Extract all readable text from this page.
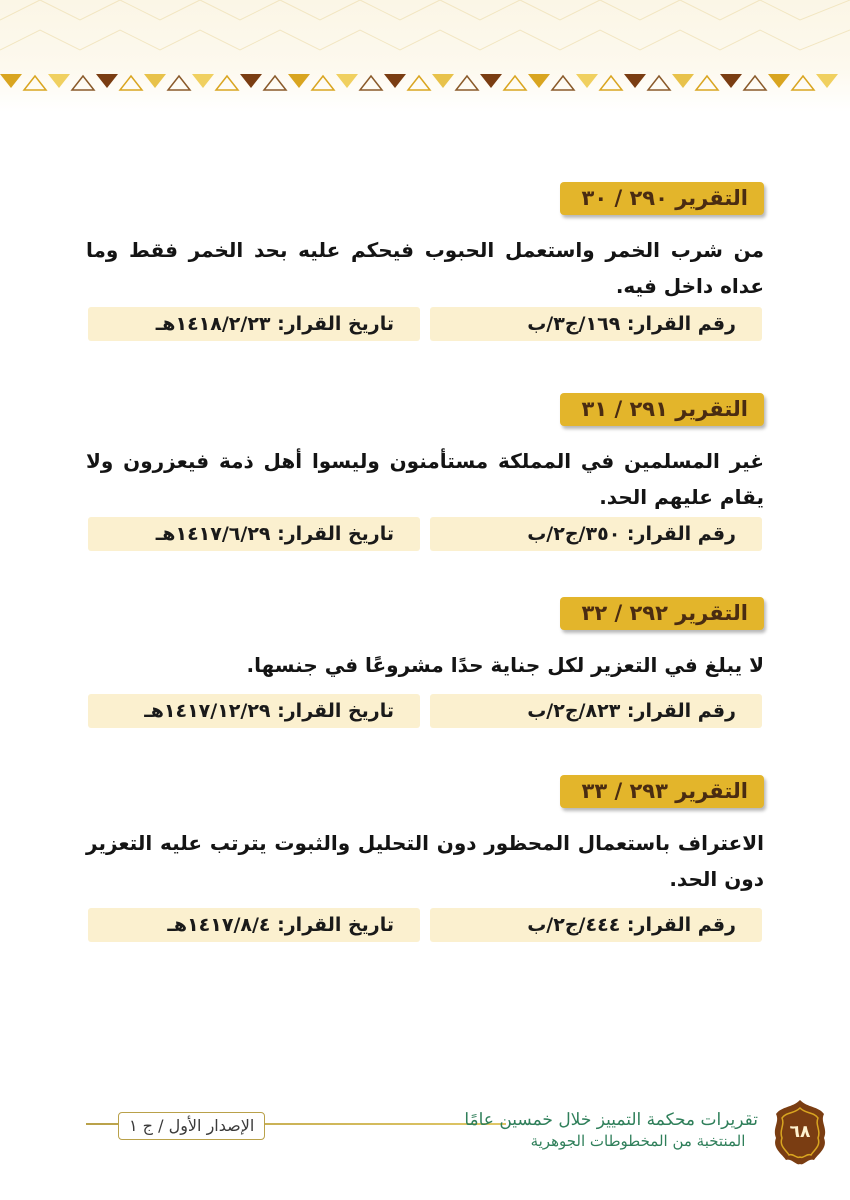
التقرير ٢٩٠ / ٣٠
من شرب الخمر واستعمل الحبوب فيحكم عليه بحد الخمر فقط وما عداه داخل فيه.
رقم القرار: ١٦٩/ج٣/ب
تاريخ القرار: ١٤١٨/٢/٢٣هـ
التقرير ٢٩١ / ٣١
غير المسلمين في المملكة مستأمنون وليسوا أهل ذمة فيعزرون ولا يقام عليهم الحد.
رقم القرار: ٣٥٠/ج٢/ب
تاريخ القرار: ١٤١٧/٦/٢٩هـ
التقرير ٢٩٢ / ٣٢
لا يبلغ في التعزير لكل جناية حدًا مشروعًا في جنسها.
رقم القرار: ٨٢٣/ج٢/ب
تاريخ القرار: ١٤١٧/١٢/٢٩هـ
التقرير ٢٩٣ / ٣٣
الاعتراف باستعمال المحظور دون التحليل والثبوت يترتب عليه التعزير دون الحد.
رقم القرار: ٤٤٤/ج٢/ب
تاريخ القرار: ١٤١٧/٨/٤هـ
الإصدار الأول / ج ١	تقريرات محكمة التمييز خلال خمسين عامًا
المنتخبة من المخطوطات الجوهرية	٦٨
